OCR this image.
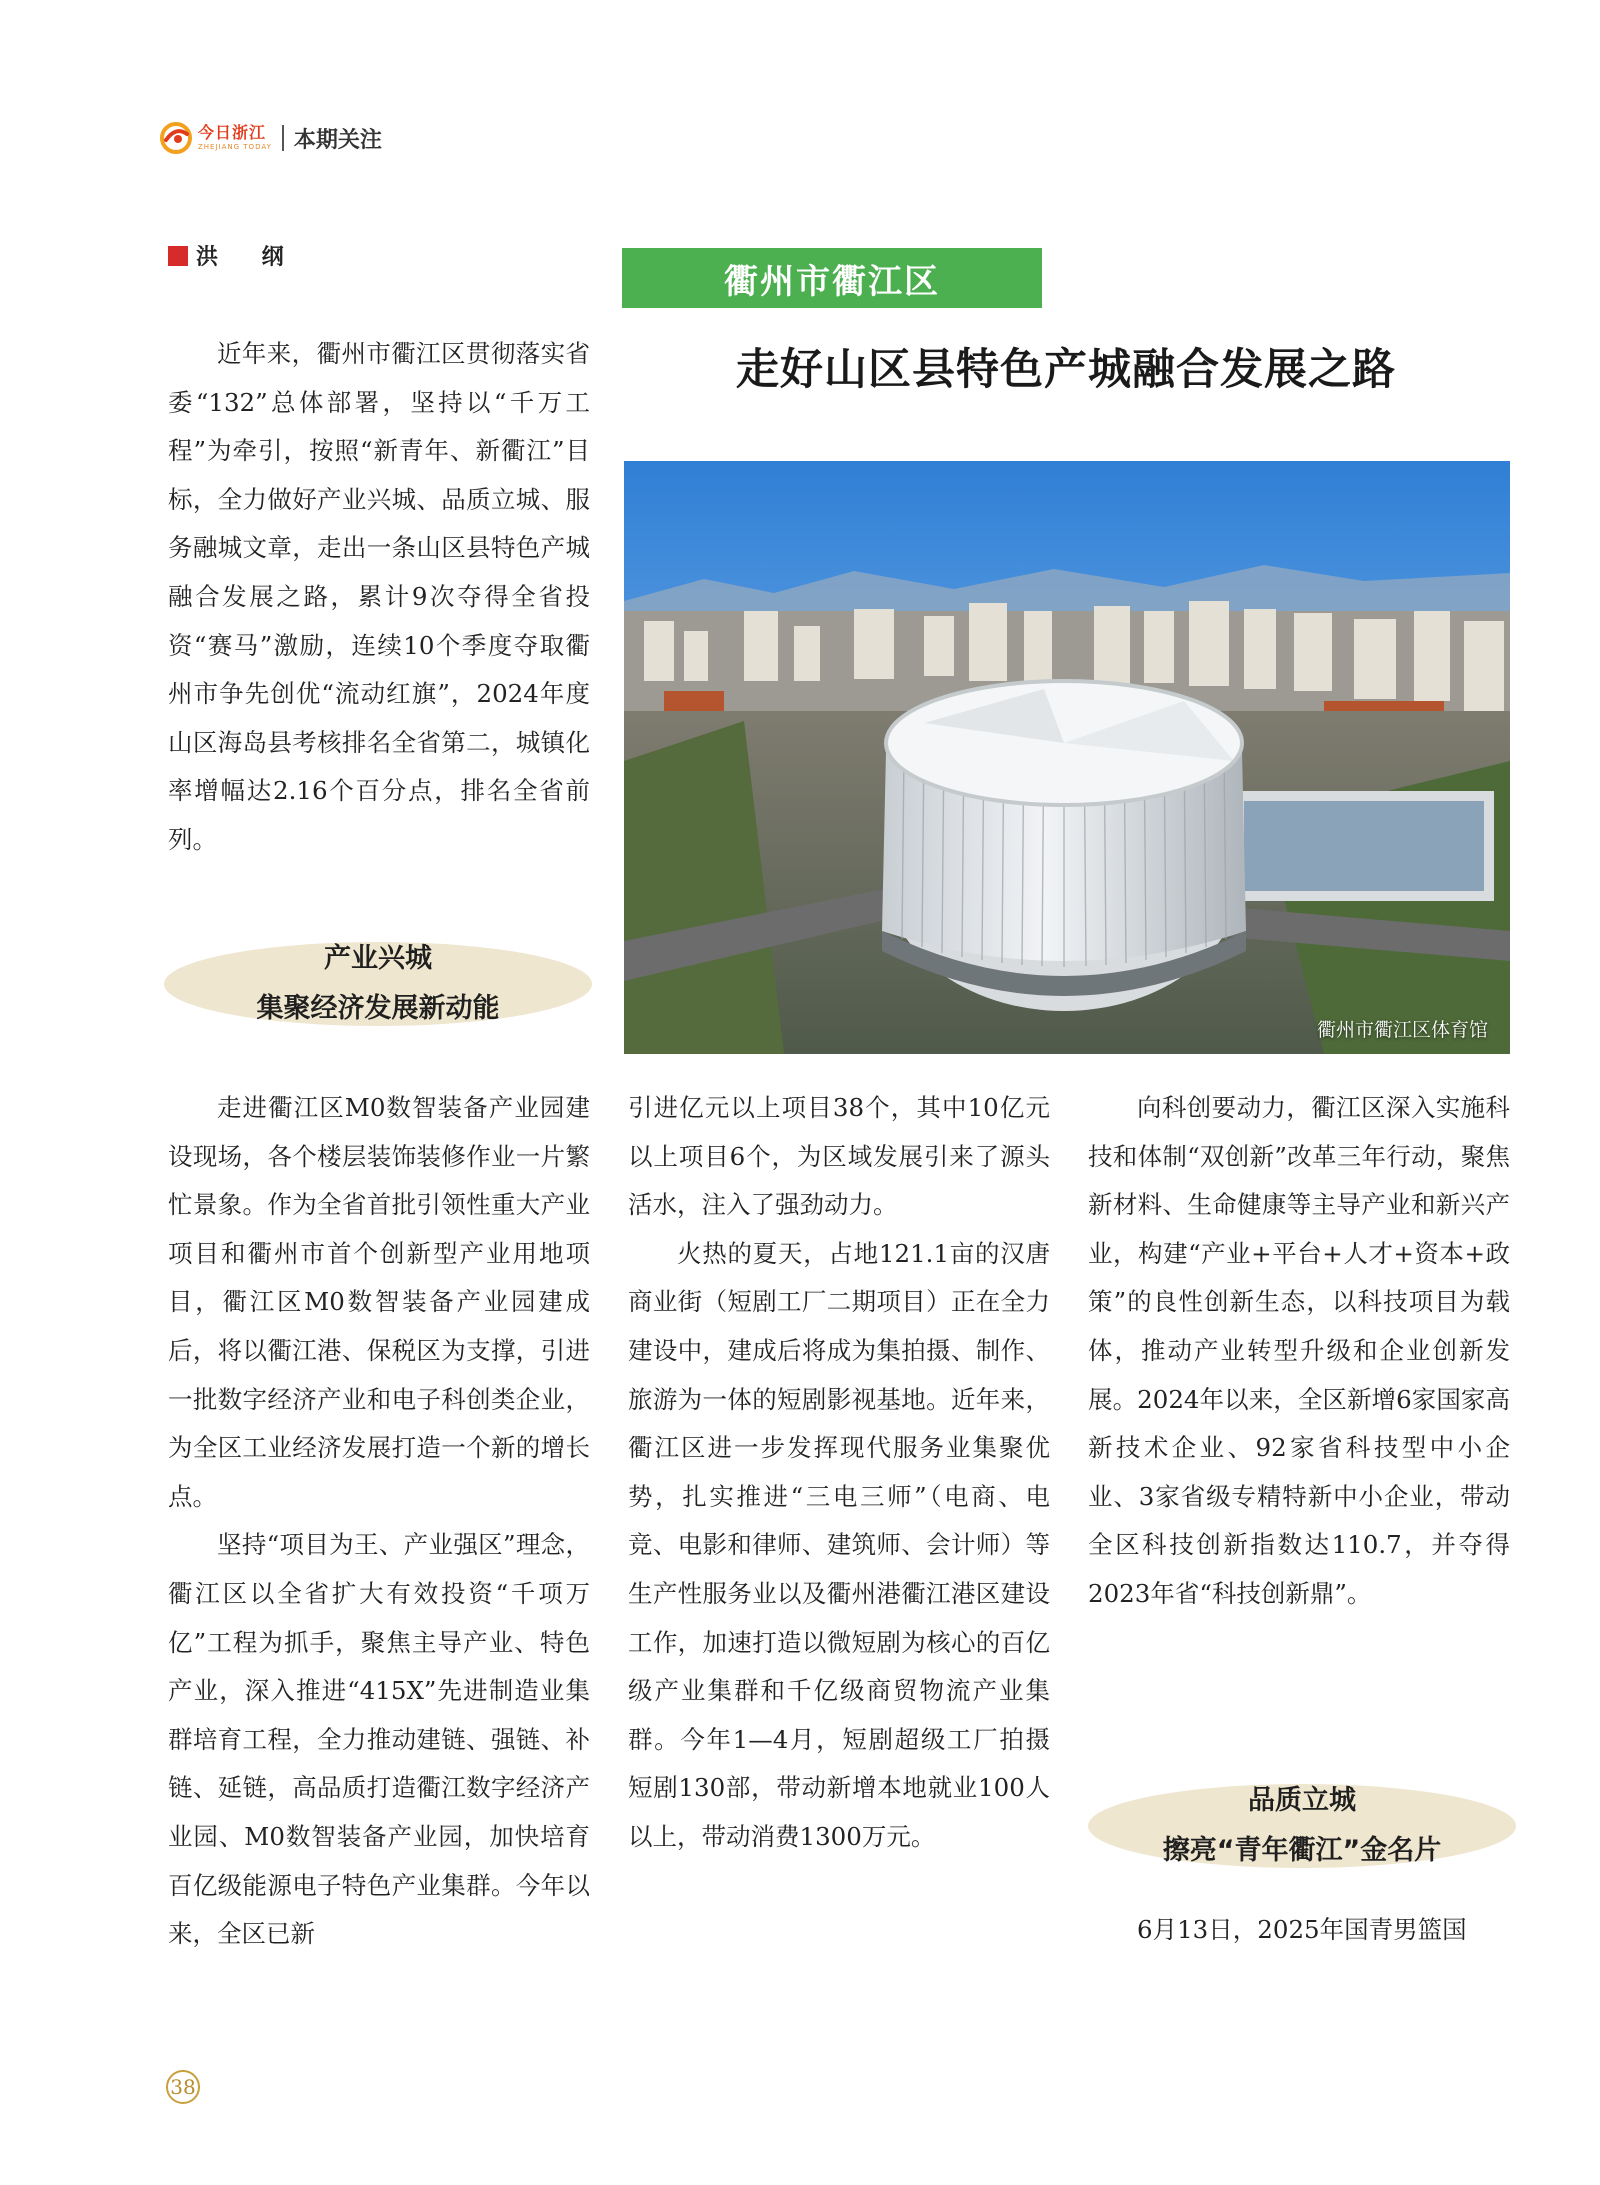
今日浙江
ZHEJIANG TODAY 本期关注
洪 纲
衢州市衢江区
走好山区县特色产城融合发展之路
衢州市衢江区体育馆

近年来，衢州市衢江区贯彻落实省委“132”总体部署，坚持以“千万工程”为牵引，按照“新青年、新衢江”目标，全力做好产业兴城、品质立城、服务融城文章，走出一条山区县特色产城融合发展之路，累计9次夺得全省投资“赛马”激励，连续10个季度夺取衢州市争先创优“流动红旗”，2024年度山区海岛县考核排名全省第二，城镇化率增幅达2.16个百分点，排名全省前列。

产业兴城
集聚经济发展新动能

走进衢江区M0数智装备产业园建设现场，各个楼层装饰装修作业一片繁忙景象。作为全省首批引领性重大产业项目和衢州市首个创新型产业用地项目，衢江区M0数智装备产业园建成后，将以衢江港、保税区为支撑，引进一批数字经济产业和电子科创类企业，为全区工业经济发展打造一个新的增长点。

坚持“项目为王、产业强区”理念，衢江区以全省扩大有效投资“千项万亿”工程为抓手，聚焦主导产业、特色产业，深入推进“415X”先进制造业集群培育工程，全力推动建链、强链、补链、延链，高品质打造衢江数字经济产业园、M0数智装备产业园，加快培育百亿级能源电子特色产业集群。今年以来，全区已新

引进亿元以上项目38个，其中10亿元以上项目6个，为区域发展引来了源头活水，注入了强劲动力。

火热的夏天，占地121.1亩的汉唐商业街（短剧工厂二期项目）正在全力建设中，建成后将成为集拍摄、制作、旅游为一体的短剧影视基地。近年来，衢江区进一步发挥现代服务业集聚优势，扎实推进“三电三师”（电商、电竞、电影和律师、建筑师、会计师）等生产性服务业以及衢州港衢江港区建设工作，加速打造以微短剧为核心的百亿级产业集群和千亿级商贸物流产业集群。今年1—4月，短剧超级工厂拍摄短剧130部，带动新增本地就业100人以上，带动消费1300万元。

向科创要动力，衢江区深入实施科技和体制“双创新”改革三年行动，聚焦新材料、生命健康等主导产业和新兴产业，构建“产业+平台+人才+资本+政策”的良性创新生态，以科技项目为载体，推动产业转型升级和企业创新发展。2024年以来，全区新增6家国家高新技术企业、92家省科技型中小企业、3家省级专精特新中小企业，带动全区科技创新指数达110.7，并夺得2023年省“科技创新鼎”。

品质立城
擦亮“青年衢江”金名片

6月13日，2025年国青男篮国

38
